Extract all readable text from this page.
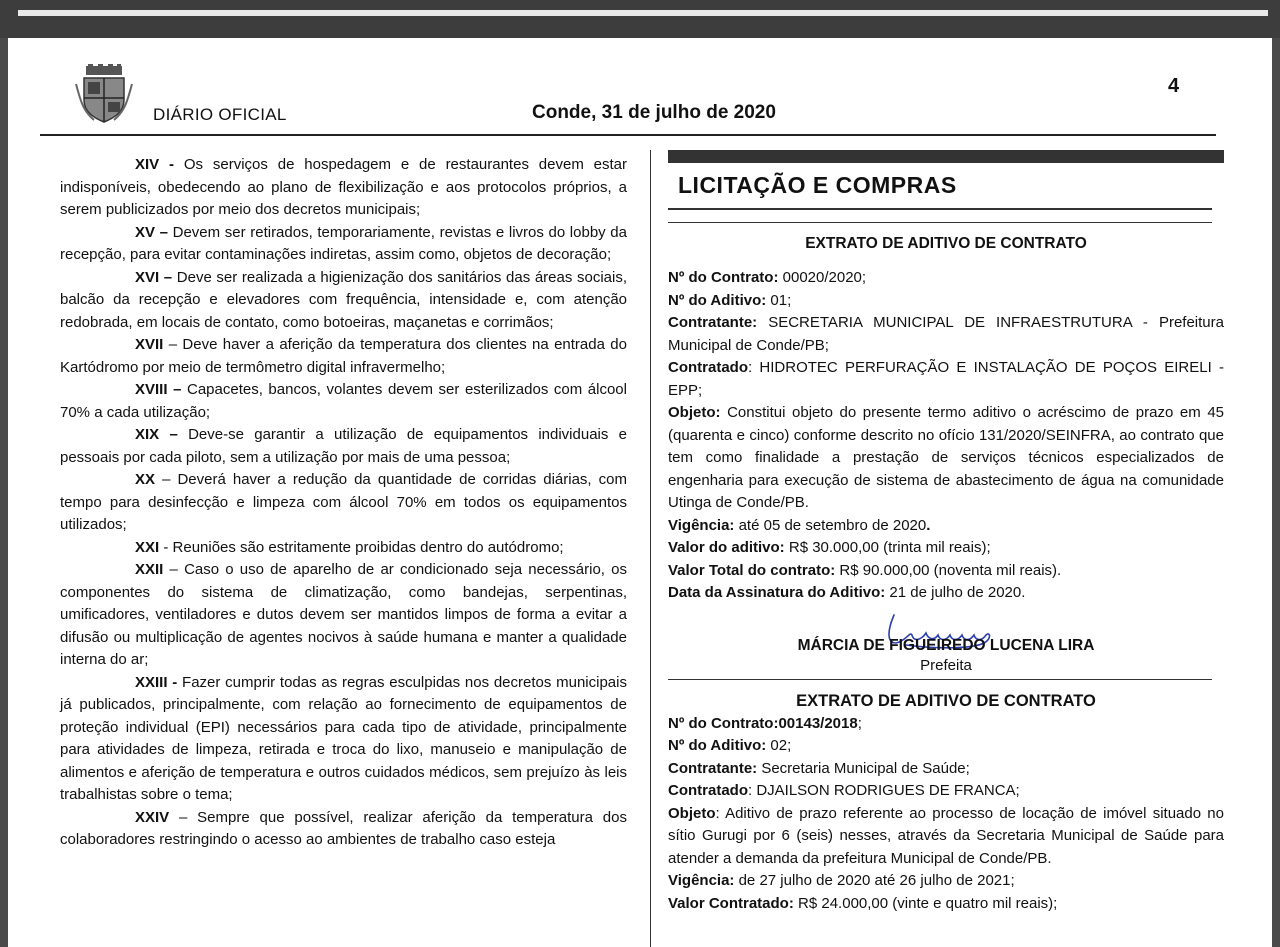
DIÁRIO OFICIAL	Conde, 31 de julho de 2020
4

XIV - Os serviços de hospedagem e de restaurantes devem estar indisponíveis, obedecendo ao plano de flexibilização e aos protocolos próprios, a serem publicizados por meio dos decretos municipais;

XV – Devem ser retirados, temporariamente, revistas e livros do lobby da recepção, para evitar contaminações indiretas, assim como, objetos de decoração;

XVI – Deve ser realizada a higienização dos sanitários das áreas sociais, balcão da recepção e elevadores com frequência, intensidade e, com atenção redobrada, em locais de contato, como botoeiras, maçanetas e corrimãos;

XVII – Deve haver a aferição da temperatura dos clientes na entrada do Kartódromo por meio de termômetro digital infravermelho;

XVIII – Capacetes, bancos, volantes devem ser esterilizados com álcool 70% a cada utilização;

XIX – Deve-se garantir a utilização de equipamentos individuais e pessoais por cada piloto, sem a utilização por mais de uma pessoa;

XX – Deverá haver a redução da quantidade de corridas diárias, com tempo para desinfecção e limpeza com álcool 70% em todos os equipamentos utilizados;

XXI - Reuniões são estritamente proibidas dentro do autódromo;

XXII – Caso o uso de aparelho de ar condicionado seja necessário, os componentes do sistema de climatização, como bandejas, serpentinas, umificadores, ventiladores e dutos devem ser mantidos limpos de forma a evitar a difusão ou multiplicação de agentes nocivos à saúde humana e manter a qualidade interna do ar;

XXIII - Fazer cumprir todas as regras esculpidas nos decretos municipais já publicados, principalmente, com relação ao fornecimento de equipamentos de proteção individual (EPI) necessários para cada tipo de atividade, principalmente para atividades de limpeza, retirada e troca do lixo, manuseio e manipulação de alimentos e aferição de temperatura e outros cuidados médicos, sem prejuízo às leis trabalhistas sobre o tema;

XXIV – Sempre que possível, realizar aferição da temperatura dos colaboradores restringindo o acesso ao ambientes de trabalho caso esteja

LICITAÇÃO E COMPRAS
EXTRATO DE ADITIVO DE CONTRATO

Nº do Contrato: 00020/2020;

Nº do Aditivo: 01;

Contratante: SECRETARIA MUNICIPAL DE INFRAESTRUTURA - Prefeitura Municipal de Conde/PB;

Contratado: HIDROTEC PERFURAÇÃO E INSTALAÇÃO DE POÇOS EIRELI - EPP;

Objeto: Constitui objeto do presente termo aditivo o acréscimo de prazo em 45 (quarenta e cinco) conforme descrito no ofício 131/2020/SEINFRA, ao contrato que tem como finalidade a prestação de serviços técnicos especializados de engenharia para execução de sistema de abastecimento de água na comunidade Utinga de Conde/PB.

Vigência: até 05 de setembro de 2020.

Valor do aditivo: R$ 30.000,00 (trinta mil reais);

Valor Total do contrato: R$ 90.000,00 (noventa mil reais).

Data da Assinatura do Aditivo: 21 de julho de 2020.

MÁRCIA DE FIGUEIREDO LUCENA LIRA
Prefeita
EXTRATO DE ADITIVO DE CONTRATO

Nº do Contrato:00143/2018;

Nº do Aditivo: 02;

Contratante: Secretaria Municipal de Saúde;

Contratado: DJAILSON RODRIGUES DE FRANCA;

Objeto: Aditivo de prazo referente ao processo de locação de imóvel situado no sítio Gurugi por 6 (seis) nesses, através da Secretaria Municipal de Saúde para atender a demanda da prefeitura Municipal de Conde/PB.

Vigência: de 27 julho de 2020 até 26 julho de 2021;

Valor Contratado: R$ 24.000,00 (vinte e quatro mil reais);
